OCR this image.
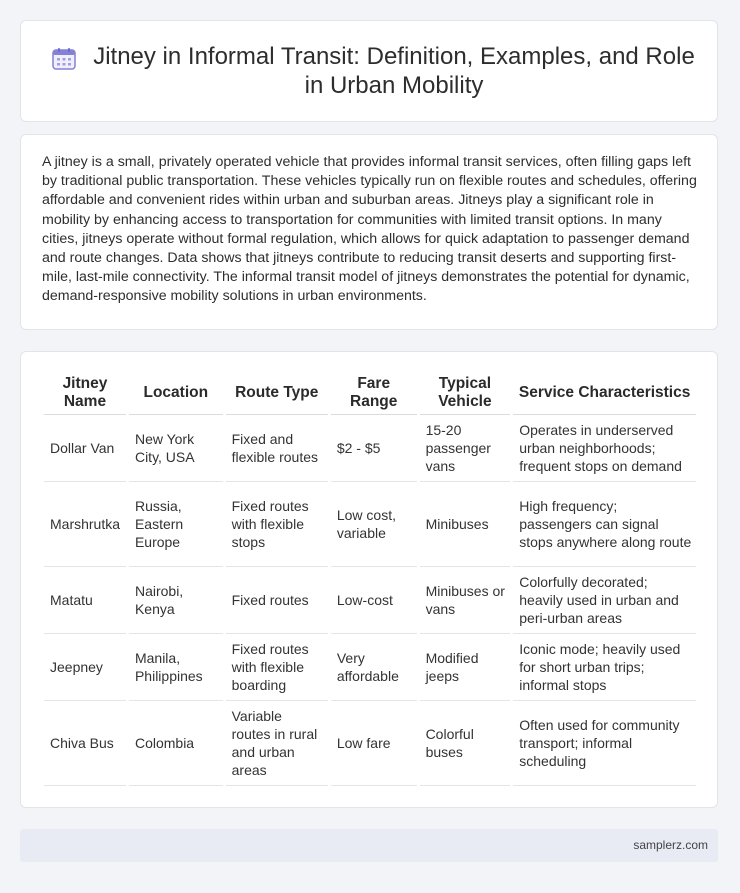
Jitney in Informal Transit: Definition, Examples, and Role in Urban Mobility

A jitney is a small, privately operated vehicle that provides informal transit services, often filling gaps left by traditional public transportation. These vehicles typically run on flexible routes and schedules, offering affordable and convenient rides within urban and suburban areas. Jitneys play a significant role in mobility by enhancing access to transportation for communities with limited transit options. In many cities, jitneys operate without formal regulation, which allows for quick adaptation to passenger demand and route changes. Data shows that jitneys contribute to reducing transit deserts and supporting first-mile, last-mile connectivity. The informal transit model of jitneys demonstrates the potential for dynamic, demand-responsive mobility solutions in urban environments.

Jitney Name	Location	Route Type	Fare Range	Typical Vehicle	Service Characteristics
Dollar Van	New York City, USA	Fixed and flexible routes	$2 - $5	15-20 passenger vans	Operates in underserved urban neighborhoods; frequent stops on demand
Marshrutka	Russia, Eastern Europe	Fixed routes with flexible stops	Low cost, variable	Minibuses	High frequency; passengers can signal stops anywhere along route
Matatu	Nairobi, Kenya	Fixed routes	Low-cost	Minibuses or vans	Colorfully decorated; heavily used in urban and peri-urban areas
Jeepney	Manila, Philippines	Fixed routes with flexible boarding	Very affordable	Modified jeeps	Iconic mode; heavily used for short urban trips; informal stops
Chiva Bus	Colombia	Variable routes in rural and urban areas	Low fare	Colorful buses	Often used for community transport; informal scheduling
samplerz.com
